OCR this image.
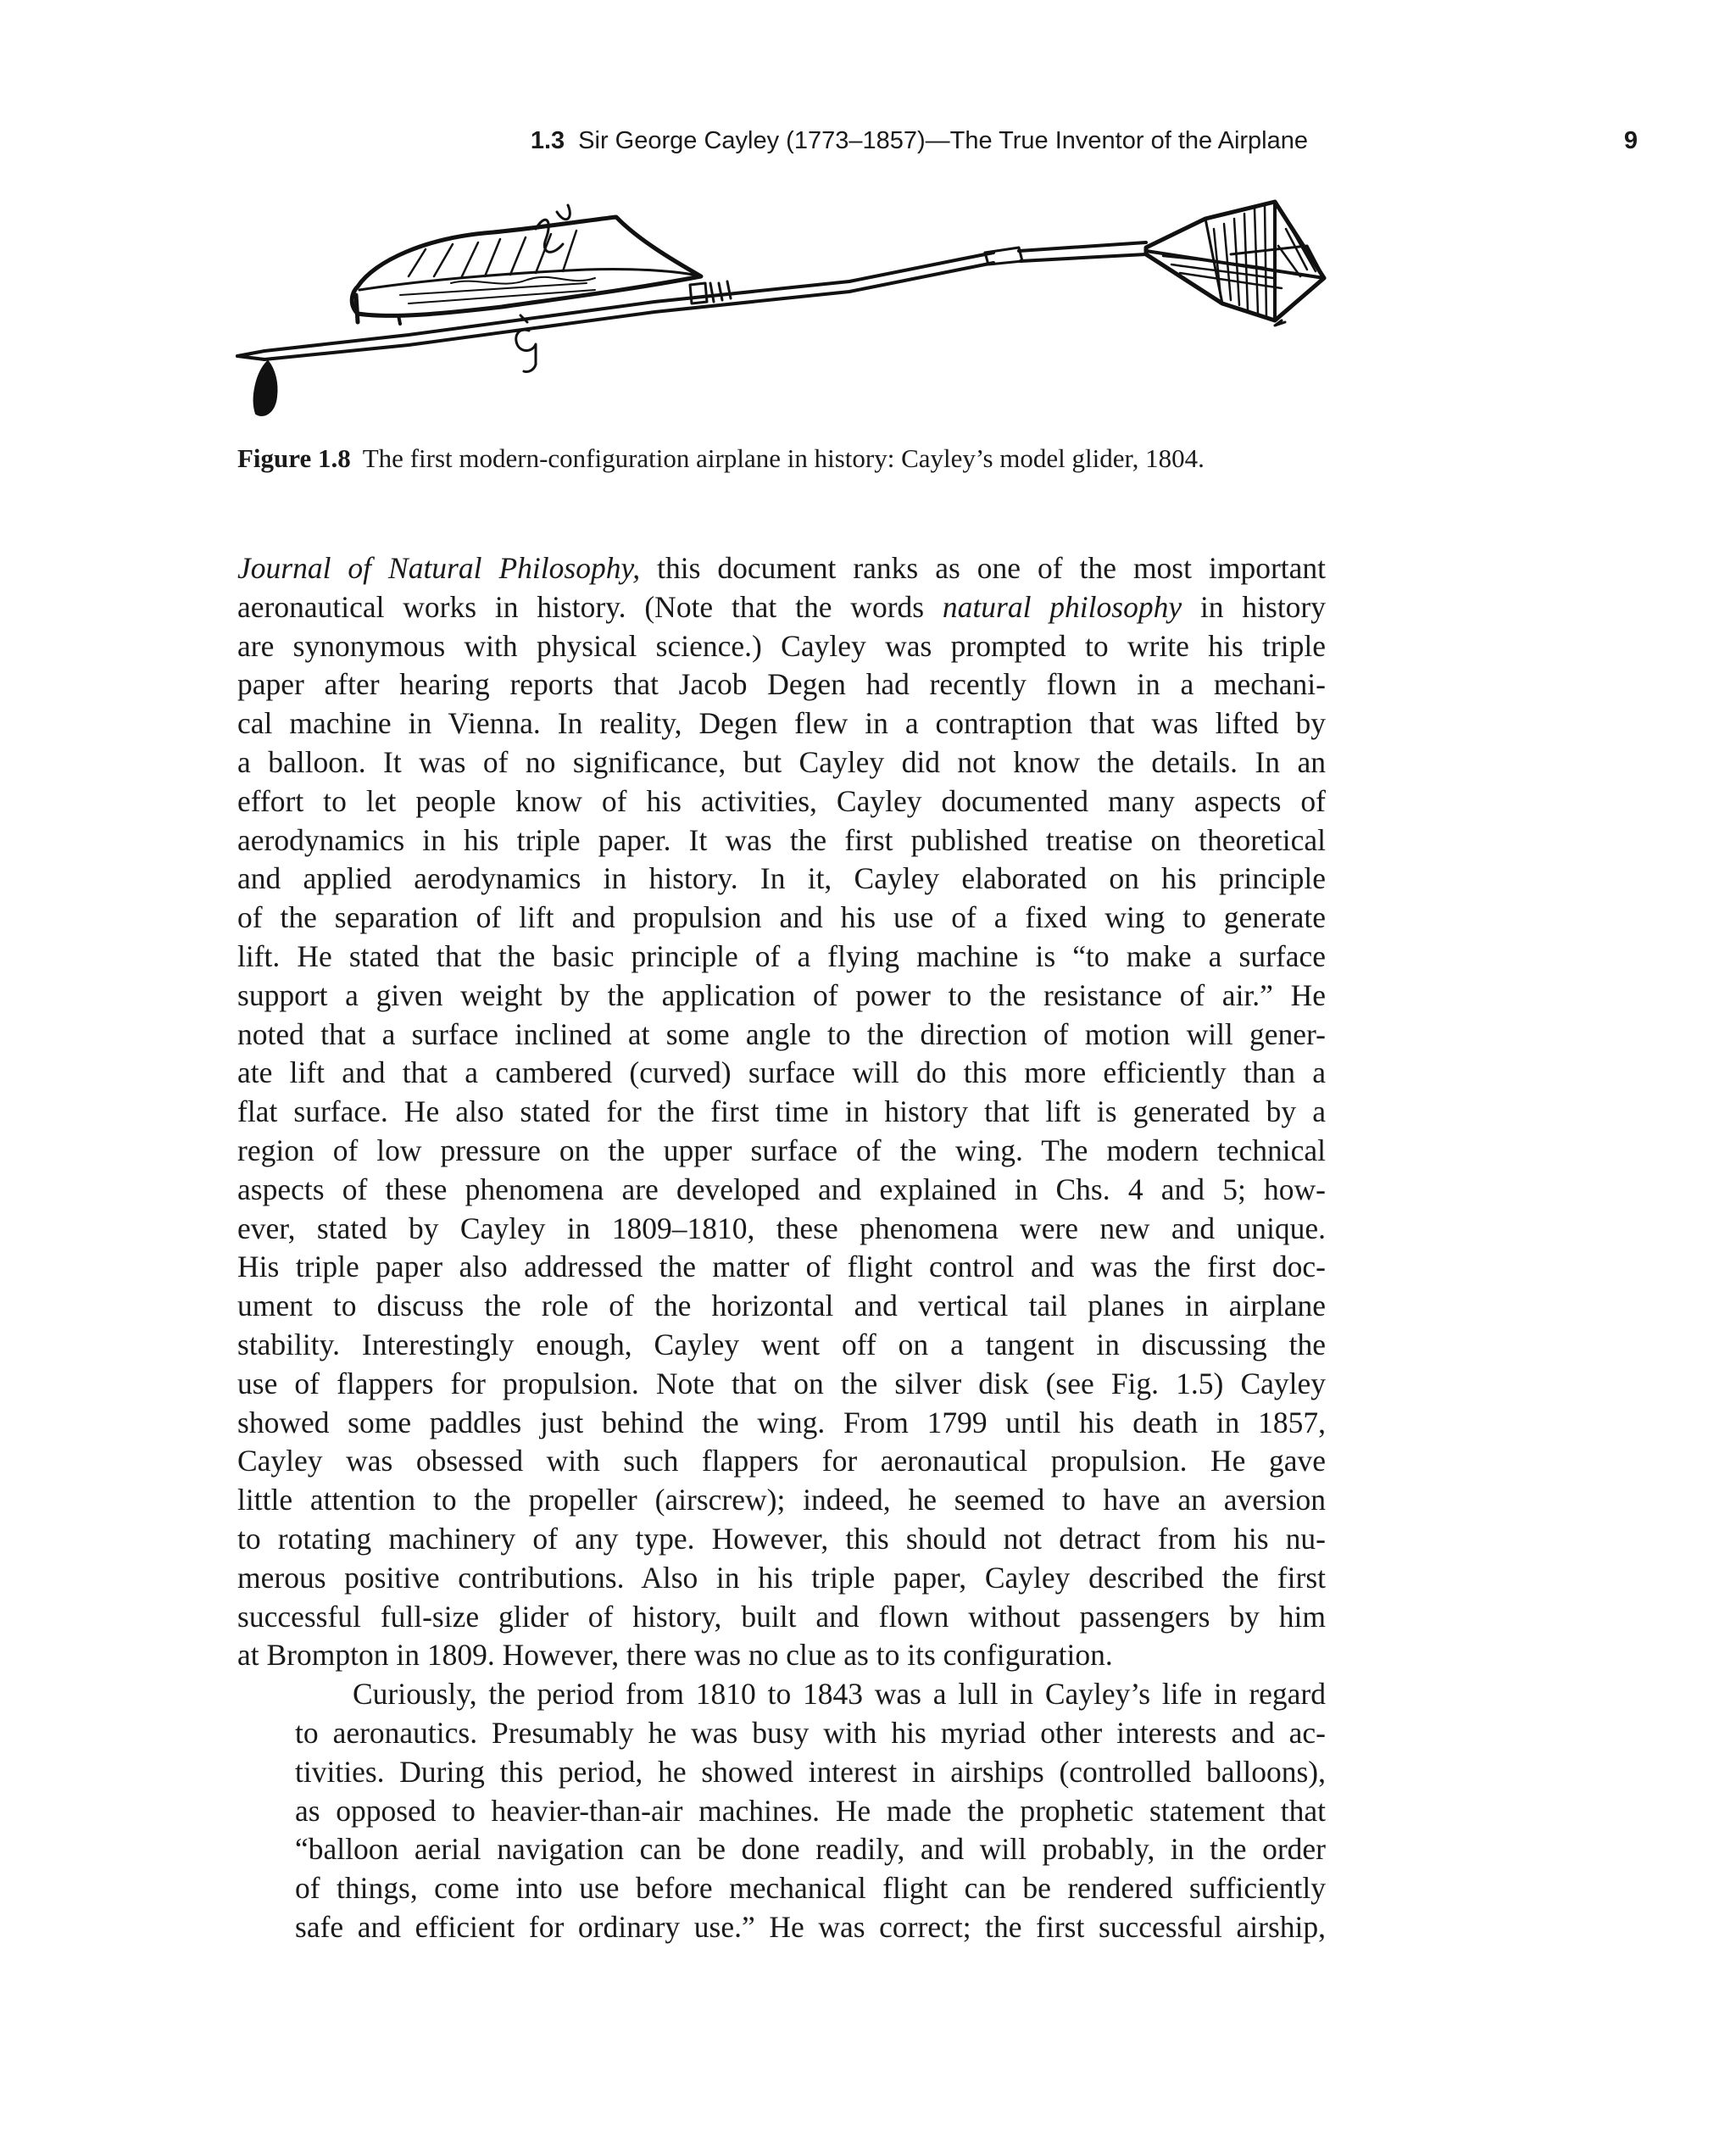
1.3 Sir George Cayley (1773–1857)—The True Inventor of the Airplane	9
Figure 1.8 The first modern-configuration airplane in history: Cayley’s model glider, 1804.

Journal of Natural Philosophy, this document ranks as one of the most important
aeronautical works in history. (Note that the words natural philosophy in history
are synonymous with physical science.) Cayley was prompted to write his triple
paper after hearing reports that Jacob Degen had recently flown in a mechani-
cal machine in Vienna. In reality, Degen flew in a contraption that was lifted by
a balloon. It was of no significance, but Cayley did not know the details. In an
effort to let people know of his activities, Cayley documented many aspects of
aerodynamics in his triple paper. It was the first published treatise on theoretical
and applied aerodynamics in history. In it, Cayley elaborated on his principle
of the separation of lift and propulsion and his use of a fixed wing to generate
lift. He stated that the basic principle of a flying machine is “to make a surface
support a given weight by the application of power to the resistance of air.” He
noted that a surface inclined at some angle to the direction of motion will gener-
ate lift and that a cambered (curved) surface will do this more efficiently than a
flat surface. He also stated for the first time in history that lift is generated by a
region of low pressure on the upper surface of the wing. The modern technical
aspects of these phenomena are developed and explained in Chs. 4 and 5; how-
ever, stated by Cayley in 1809–1810, these phenomena were new and unique.
His triple paper also addressed the matter of flight control and was the first doc-
ument to discuss the role of the horizontal and vertical tail planes in airplane
stability. Interestingly enough, Cayley went off on a tangent in discussing the
use of flappers for propulsion. Note that on the silver disk (see Fig. 1.5) Cayley
showed some paddles just behind the wing. From 1799 until his death in 1857,
Cayley was obsessed with such flappers for aeronautical propulsion. He gave
little attention to the propeller (airscrew); indeed, he seemed to have an aversion
to rotating machinery of any type. However, this should not detract from his nu-
merous positive contributions. Also in his triple paper, Cayley described the first
successful full-size glider of history, built and flown without passengers by him
at Brompton in 1809. However, there was no clue as to its configuration.

Curiously, the period from 1810 to 1843 was a lull in Cayley’s life in regard
to aeronautics. Presumably he was busy with his myriad other interests and ac-
tivities. During this period, he showed interest in airships (controlled balloons),
as opposed to heavier-than-air machines. He made the prophetic statement that
“balloon aerial navigation can be done readily, and will probably, in the order
of things, come into use before mechanical flight can be rendered sufficiently
safe and efficient for ordinary use.” He was correct; the first successful airship,
